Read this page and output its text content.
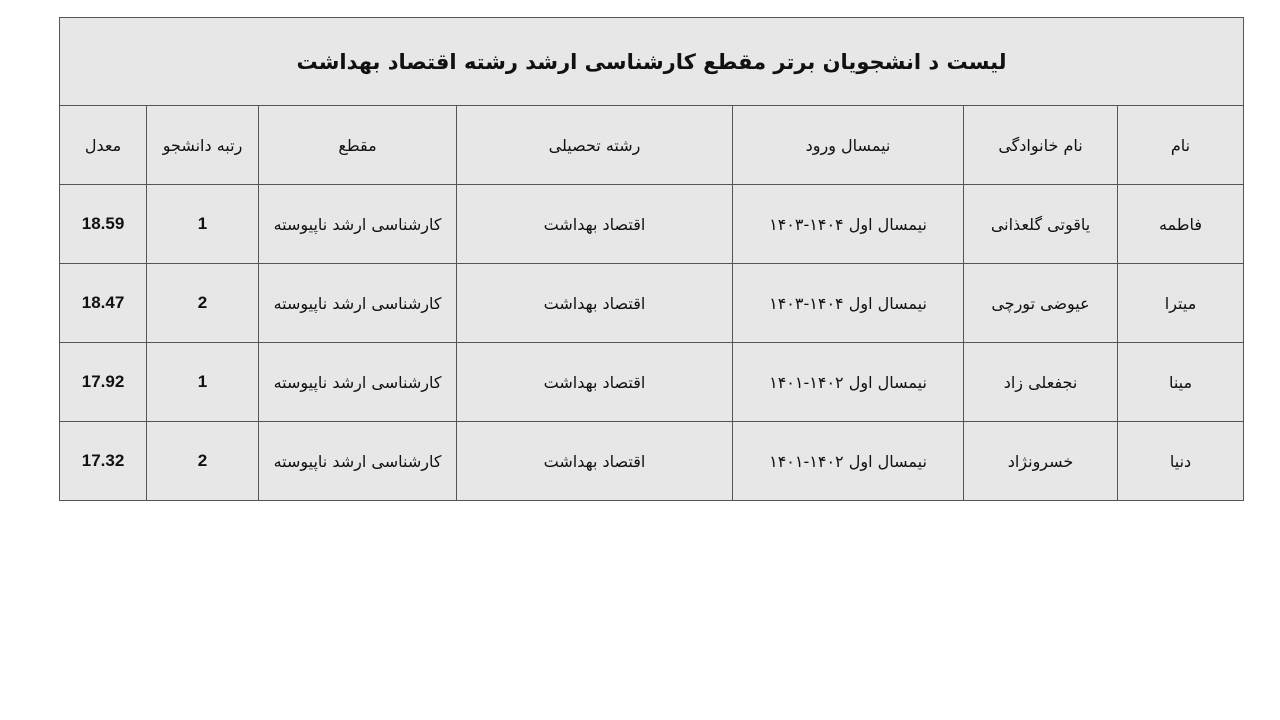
لیست د انشجویان برتر مقطع کارشناسی ارشد رشته اقتصاد بهداشت						
نام	نام خانوادگی	نیمسال ورود	رشته تحصیلی	مقطع	رتبه دانشجو	معدل
فاطمه	یاقوتی گلعذانی	نیمسال اول ۱۴۰۴-۱۴۰۳	اقتصاد بهداشت	کارشناسی ارشد ناپیوسته	1	18.59
میترا	عیوضی تورچی	نیمسال اول ۱۴۰۴-۱۴۰۳	اقتصاد بهداشت	کارشناسی ارشد ناپیوسته	2	18.47
مینا	نجفعلی زاد	نیمسال اول ۱۴۰۲-۱۴۰۱	اقتصاد بهداشت	کارشناسی ارشد ناپیوسته	1	17.92
دنیا	خسرونژاد	نیمسال اول ۱۴۰۲-۱۴۰۱	اقتصاد بهداشت	کارشناسی ارشد ناپیوسته	2	17.32
